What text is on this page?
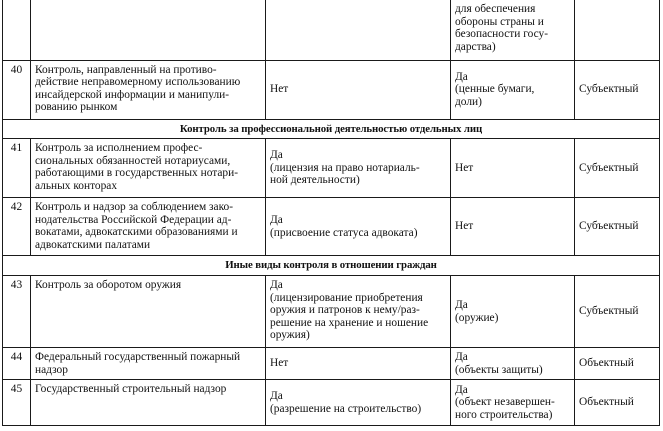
			для обеспечения
обороны страны и
безопасности госу-
дарства)	

40	Контроль, направленный на противо-
действие неправомерному использованию
инсайдерской информации и манипули-
рованию рынком	Нет	Да
(ценные бумаги,
доли)	Субъектный
Контроль за профессиональной деятельностью отдельных лиц				
41	Контроль за исполнением профес-
сиональных обязанностей нотариусами,
работающими в государственных нотари-
альных конторах	Да
(лицензия на право нотариаль-
ной деятельности)	Нет	Субъектный
42	Контроль и надзор за соблюдением зако-
нодательства Российской Федерации ад-
вокатами, адвокатскими образованиями и
адвокатскими палатами	Да
(присвоение статуса адвоката)	Нет	Субъектный
Иные виды контроля в отношении граждан				
43	Контроль за оборотом оружия	Да
(лицензирование приобретения
оружия и патронов к нему/раз-
решение на хранение и ношение
оружия)	Да
(оружие)	Субъектный
44	Федеральный государственный пожарный
надзор	Нет	Да
(объекты защиты)	Объектный
45	Государственный строительный надзор	Да
(разрешение на строительство)	Да
(объект незавершен-
ного строительства)	Объектный
